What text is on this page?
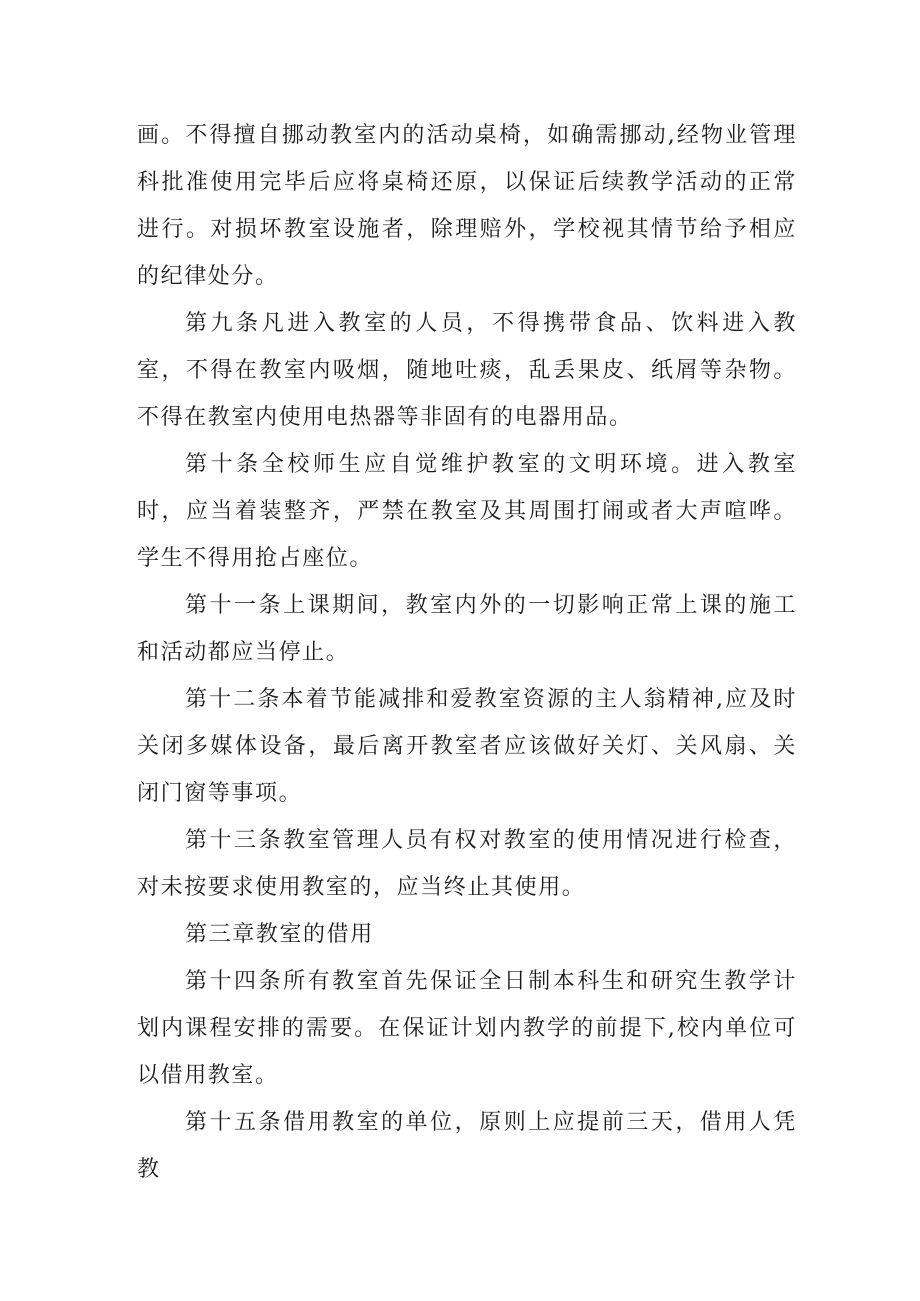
画。不得擅自挪动教室内的活动桌椅，如确需挪动,经物业管理科批准使用完毕后应将桌椅还原，以保证后续教学活动的正常进行。对损坏教室设施者，除理赔外，学校视其情节给予相应的纪律处分。

第九条凡进入教室的人员，不得携带食品、饮料进入教室，不得在教室内吸烟，随地吐痰，乱丢果皮、纸屑等杂物。不得在教室内使用电热器等非固有的电器用品。

第十条全校师生应自觉维护教室的文明环境。进入教室时，应当着装整齐，严禁在教室及其周围打闹或者大声喧哗。学生不得用抢占座位。

第十一条上课期间，教室内外的一切影响正常上课的施工和活动都应当停止。

第十二条本着节能减排和爱教室资源的主人翁精神,应及时关闭多媒体设备，最后离开教室者应该做好关灯、关风扇、关闭门窗等事项。

第十三条教室管理人员有权对教室的使用情况进行检查，对未按要求使用教室的，应当终止其使用。

第三章教室的借用

第十四条所有教室首先保证全日制本科生和研究生教学计划内课程安排的需要。在保证计划内教学的前提下,校内单位可以借用教室。

第十五条借用教室的单位，原则上应提前三天，借用人凭教
